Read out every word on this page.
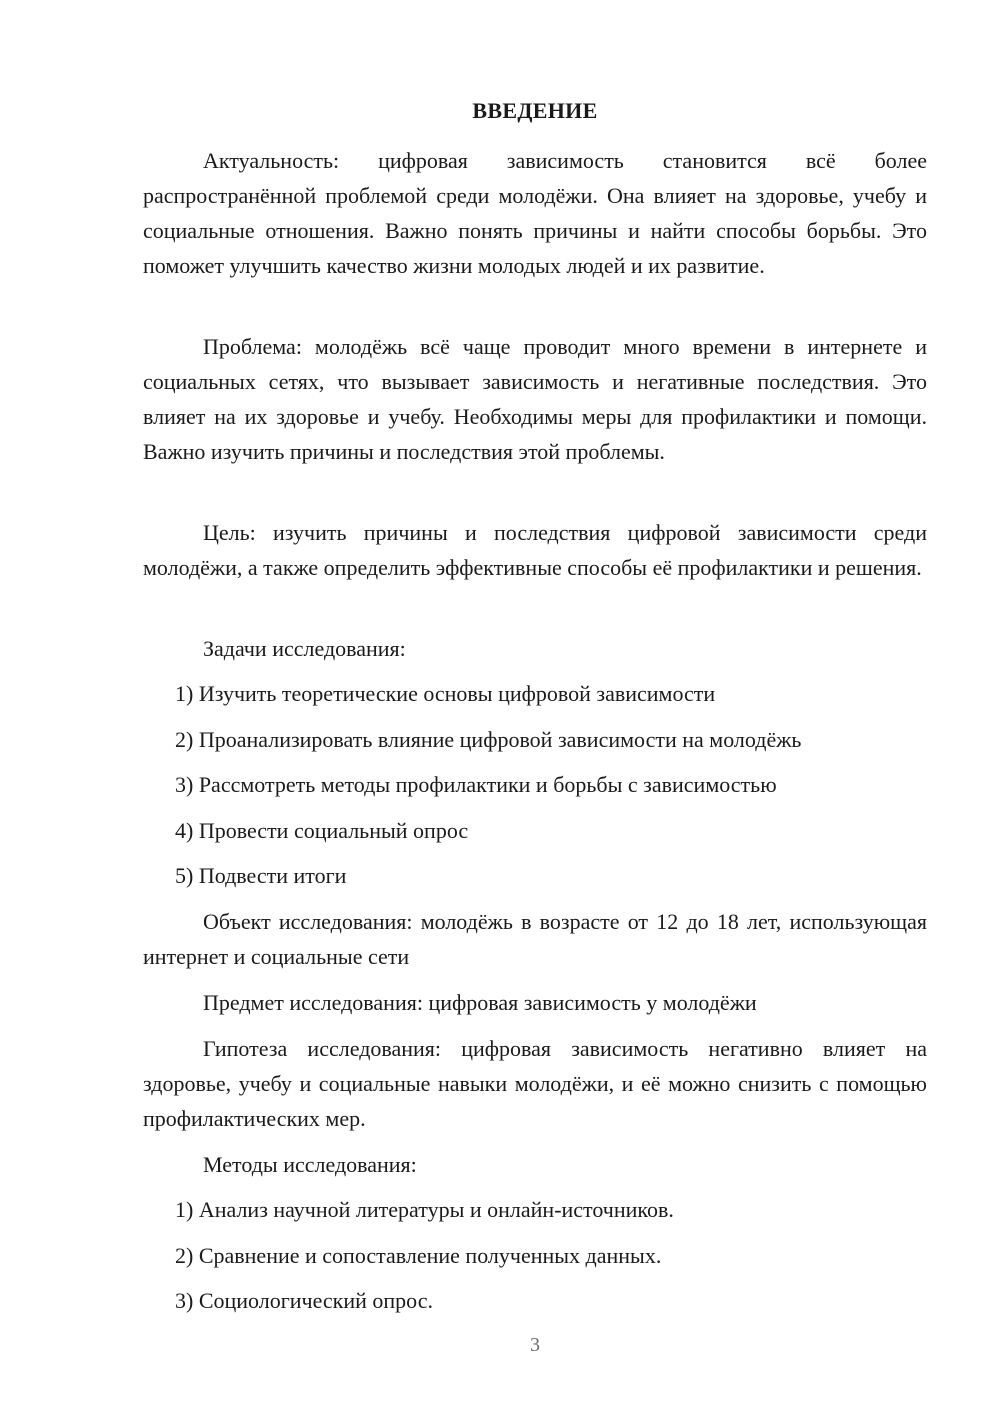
ВВЕДЕНИЕ

Актуальность: цифровая зависимость становится всё более распространённой проблемой среди молодёжи. Она влияет на здоровье, учебу и социальные отношения. Важно понять причины и найти способы борьбы. Это поможет улучшить качество жизни молодых людей и их развитие.

Проблема: молодёжь всё чаще проводит много времени в интернете и социальных сетях, что вызывает зависимость и негативные последствия. Это влияет на их здоровье и учебу. Необходимы меры для профилактики и помощи. Важно изучить причины и последствия этой проблемы.

Цель: изучить причины и последствия цифровой зависимости среди молодёжи, а также определить эффективные способы её профилактики и решения.

Задачи исследования:

1) Изучить теоретические основы цифровой зависимости

2) Проанализировать влияние цифровой зависимости на молодёжь

3) Рассмотреть методы профилактики и борьбы с зависимостью

4) Провести социальный опрос

5) Подвести итоги

Объект исследования: молодёжь в возрасте от 12 до 18 лет, использующая интернет и социальные сети

Предмет исследования: цифровая зависимость у молодёжи

Гипотеза исследования: цифровая зависимость негативно влияет на здоровье, учебу и социальные навыки молодёжи, и её можно снизить с помощью профилактических мер.

Методы исследования:

1) Анализ научной литературы и онлайн-источников.

2) Сравнение и сопоставление полученных данных.

3) Социологический опрос.

3
